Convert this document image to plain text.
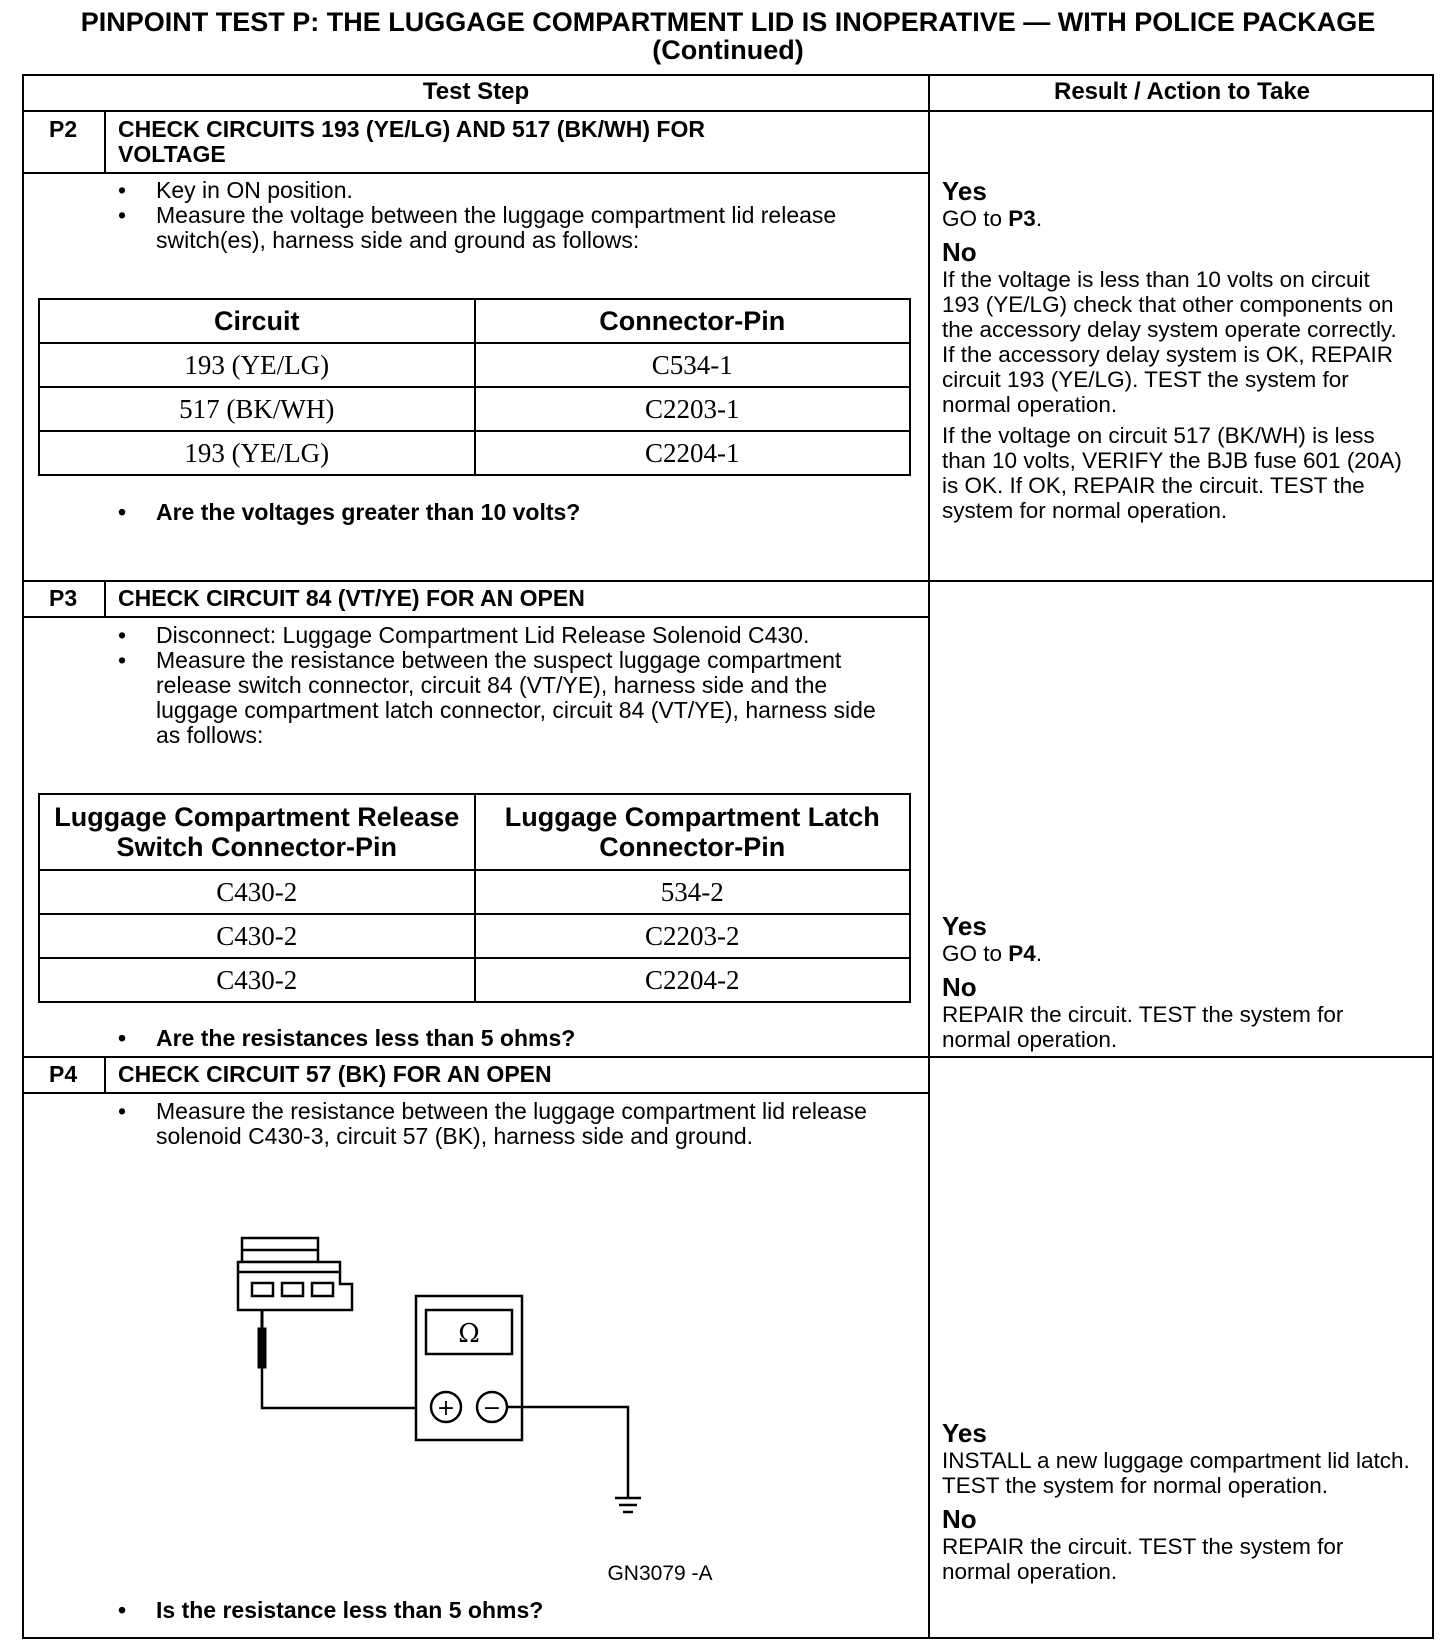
PINPOINT TEST P: THE LUGGAGE COMPARTMENT LID IS INOPERATIVE — WITH POLICE PACKAGE
(Continued)
Test Step	Result / Action to Take
P2 CHECK CIRCUITS 193 (YE/LG) AND 517 (BK/WH) FOR VOLTAGE
• Key in ON position.
• Measure the voltage between the luggage compartment lid release switch(es), harness side and ground as follows:
Circuit	Connector-Pin
193 (YE/LG)	C534-1
517 (BK/WH)	C2203-1
193 (YE/LG)	C2204-1
• Are the voltages greater than 10 volts?
Yes

GO to P3.

No

If the voltage is less than 10 volts on circuit 193 (YE/LG) check that other components on the accessory delay system operate correctly. If the accessory delay system is OK, REPAIR circuit 193 (YE/LG). TEST the system for normal operation.

If the voltage on circuit 517 (BK/WH) is less than 10 volts, VERIFY the BJB fuse 601 (20A) is OK. If OK, REPAIR the circuit. TEST the system for normal operation.

P3 CHECK CIRCUIT 84 (VT/YE) FOR AN OPEN
• Disconnect: Luggage Compartment Lid Release Solenoid C430.
• Measure the resistance between the suspect luggage compartment release switch connector, circuit 84 (VT/YE), harness side and the luggage compartment latch connector, circuit 84 (VT/YE), harness side as follows:
Luggage Compartment Release Switch Connector-Pin	Luggage Compartment Latch Connector-Pin
C430-2	534-2
C430-2	C2203-2
C430-2	C2204-2
• Are the resistances less than 5 ohms?
Yes

GO to P4.

No

REPAIR the circuit. TEST the system for normal operation.

P4 CHECK CIRCUIT 57 (BK) FOR AN OPEN
• Measure the resistance between the luggage compartment lid release solenoid C430-3, circuit 57 (BK), harness side and ground.
Ω
+ −
GN3079 -A
• Is the resistance less than 5 ohms?
Yes

INSTALL a new luggage compartment lid latch. TEST the system for normal operation.

No

REPAIR the circuit. TEST the system for normal operation.
